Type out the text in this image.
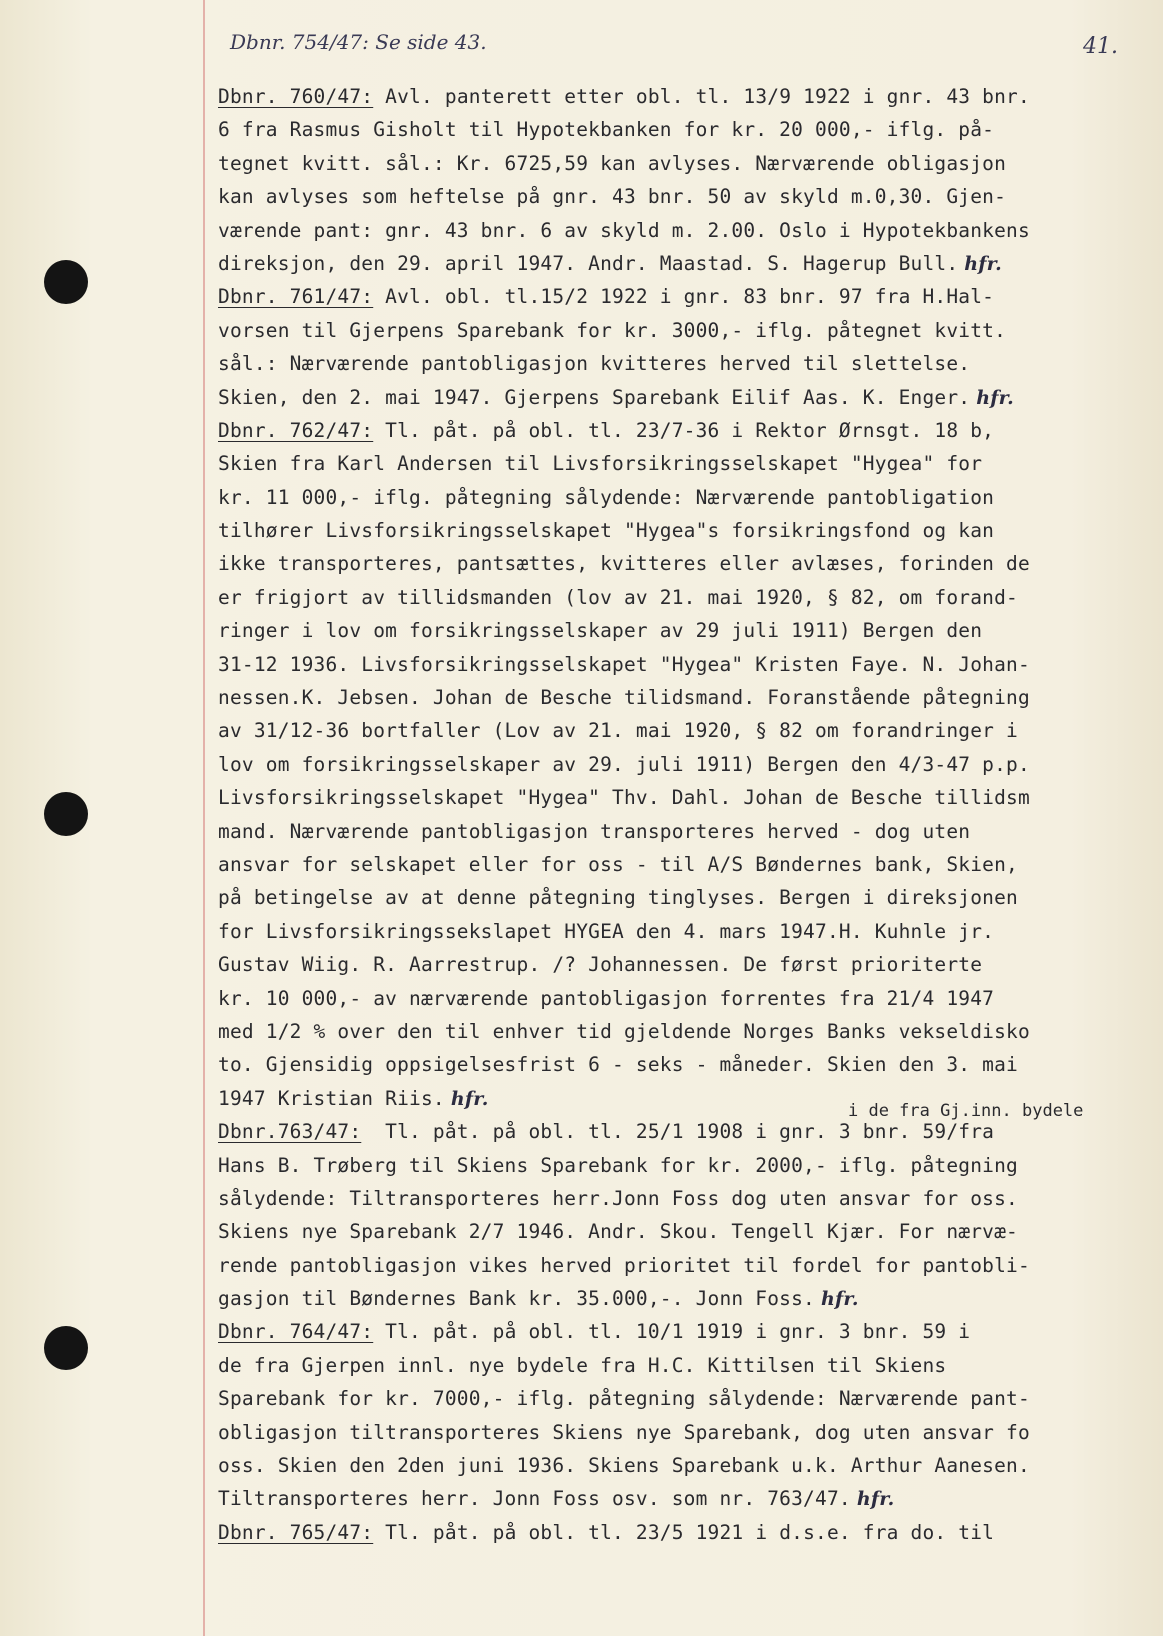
Dbnr. 754/47: Se side 43.	41.
i de fra Gj.inn. bydele
Dbnr. 760/47: Avl. panterett etter obl. tl. 13/9 1922 i gnr. 43 bnr.
6 fra Rasmus Gisholt til Hypotekbanken for kr. 20 000,- iflg. på-
tegnet kvitt. sål.: Kr. 6725,59 kan avlyses. Nærværende obligasjon
kan avlyses som heftelse på gnr. 43 bnr. 50 av skyld m.0,30. Gjen-
værende pant: gnr. 43 bnr. 6 av skyld m. 2.00. Oslo i Hypotekbankens
direksjon, den 29. april 1947. Andr. Maastad. S. Hagerup Bull. hfr.
Dbnr. 761/47: Avl. obl. tl.15/2 1922 i gnr. 83 bnr. 97 fra H.Hal-
vorsen til Gjerpens Sparebank for kr. 3000,- iflg. påtegnet kvitt.
sål.: Nærværende pantobligasjon kvitteres herved til slettelse.
Skien, den 2. mai 1947. Gjerpens Sparebank Eilif Aas. K. Enger. hfr.
Dbnr. 762/47: Tl. påt. på obl. tl. 23/7-36 i Rektor Ørnsgt. 18 b,
Skien fra Karl Andersen til Livsforsikringsselskapet "Hygea" for
kr. 11 000,- iflg. påtegning sålydende: Nærværende pantobligation
tilhører Livsforsikringsselskapet "Hygea"s forsikringsfond og kan
ikke transporteres, pantsættes, kvitteres eller avlæses, forinden de
er frigjort av tillidsmanden (lov av 21. mai 1920, § 82, om forand-
ringer i lov om forsikringsselskaper av 29 juli 1911) Bergen den
31-12 1936. Livsforsikringsselskapet "Hygea" Kristen Faye. N. Johan-
nessen.K. Jebsen. Johan de Besche tilidsmand. Foranstående påtegning
av 31/12-36 bortfaller (Lov av 21. mai 1920, § 82 om forandringer i
lov om forsikringsselskaper av 29. juli 1911) Bergen den 4/3-47 p.p.
Livsforsikringsselskapet "Hygea" Thv. Dahl. Johan de Besche tillidsm
mand. Nærværende pantobligasjon transporteres herved - dog uten
ansvar for selskapet eller for oss - til A/S Bøndernes bank, Skien,
på betingelse av at denne påtegning tinglyses. Bergen i direksjonen
for Livsforsikringssekslapet HYGEA den 4. mars 1947.H. Kuhnle jr.
Gustav Wiig. R. Aarrestrup. /? Johannessen. De først prioriterte
kr. 10 000,- av nærværende pantobligasjon forrentes fra 21/4 1947
med 1/2 % over den til enhver tid gjeldende Norges Banks vekseldisko
to. Gjensidig oppsigelsesfrist 6 - seks - måneder. Skien den 3. mai
1947 Kristian Riis. hfr.
Dbnr.763/47:  Tl. påt. på obl. tl. 25/1 1908 i gnr. 3 bnr. 59/fra
Hans B. Trøberg til Skiens Sparebank for kr. 2000,- iflg. påtegning
sålydende: Tiltransporteres herr.Jonn Foss dog uten ansvar for oss.
Skiens nye Sparebank 2/7 1946. Andr. Skou. Tengell Kjær. For nærvæ-
rende pantobligasjon vikes herved prioritet til fordel for pantobli-
gasjon til Bøndernes Bank kr. 35.000,-. Jonn Foss. hfr.
Dbnr. 764/47: Tl. påt. på obl. tl. 10/1 1919 i gnr. 3 bnr. 59 i
de fra Gjerpen innl. nye bydele fra H.C. Kittilsen til Skiens
Sparebank for kr. 7000,- iflg. påtegning sålydende: Nærværende pant-
obligasjon tiltransporteres Skiens nye Sparebank, dog uten ansvar fo
oss. Skien den 2den juni 1936. Skiens Sparebank u.k. Arthur Aanesen.
Tiltransporteres herr. Jonn Foss osv. som nr. 763/47. hfr.
Dbnr. 765/47: Tl. påt. på obl. tl. 23/5 1921 i d.s.e. fra do. til
